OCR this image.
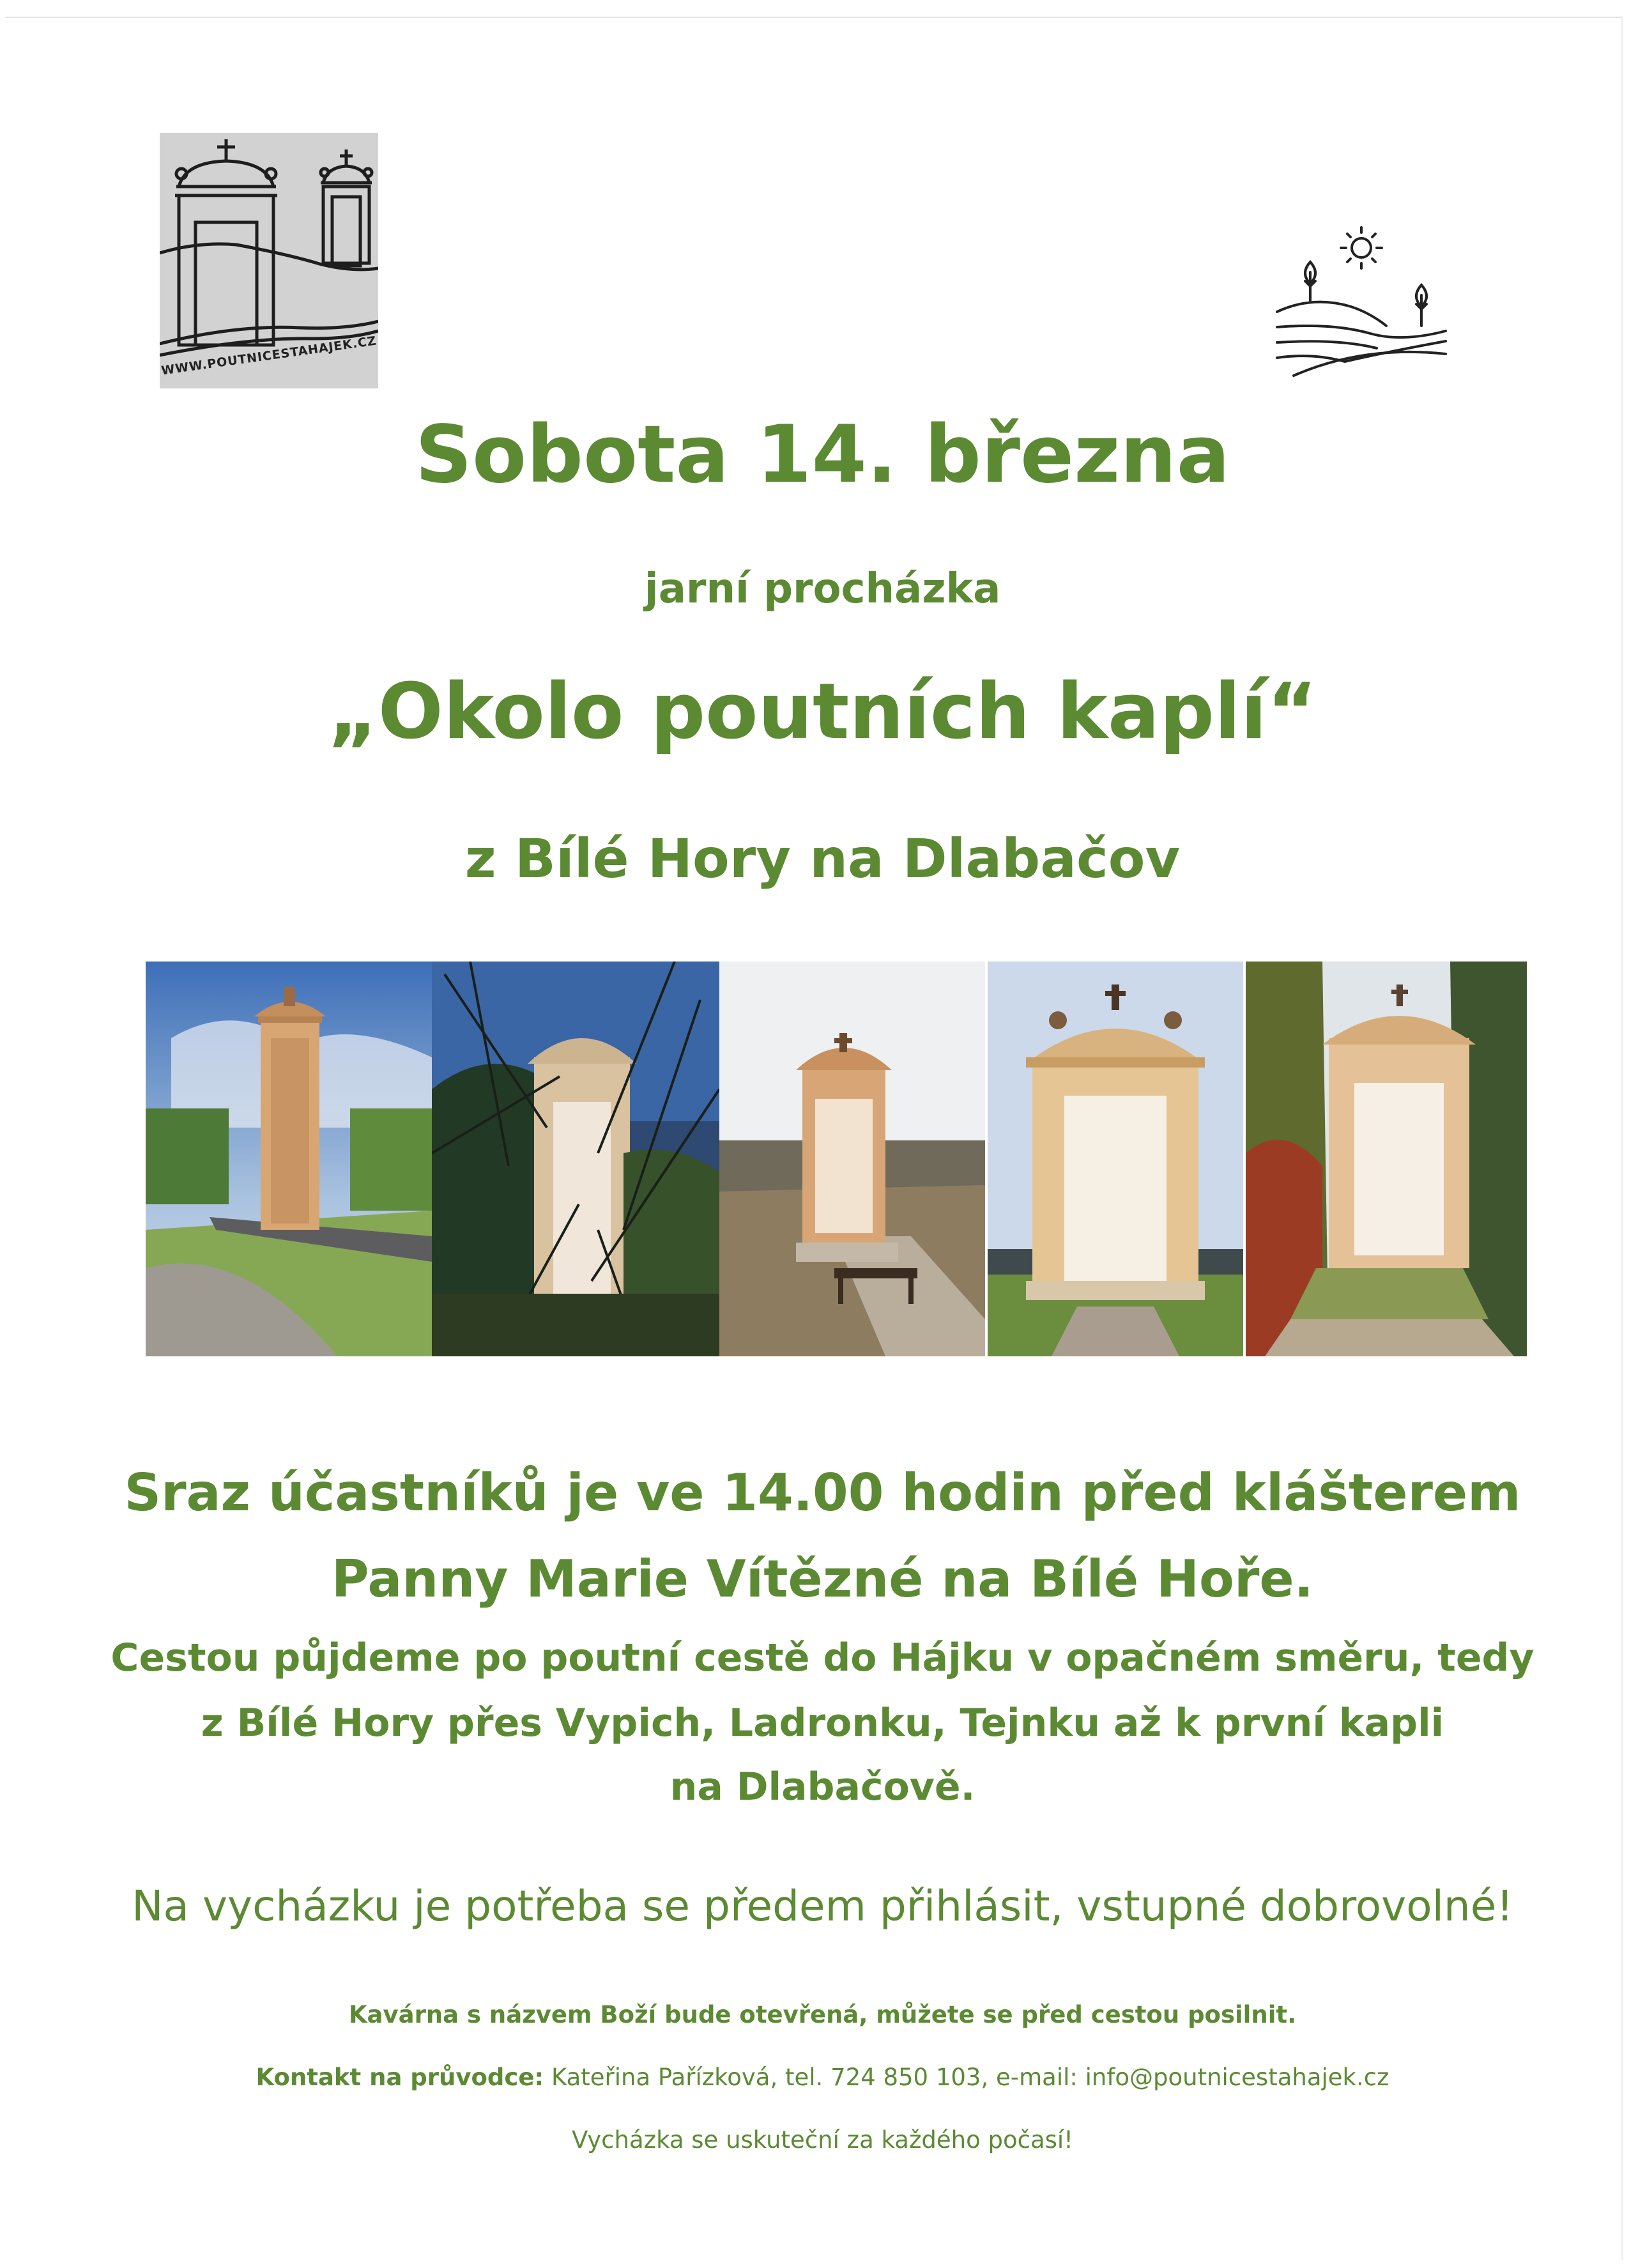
WWW.POUTNICESTAHAJEK.CZ
Sobota 14. března
jarní procházka
„Okolo poutních kaplí“
z Bílé Hory na Dlabačov
Sraz účastníků je ve 14.00 hodin před klášterem
Panny Marie Vítězné na Bílé Hoře.
Cestou půjdeme po poutní cestě do Hájku v opačném směru, tedy
z Bílé Hory přes Vypich, Ladronku, Tejnku až k první kapli
na Dlabačově.
Na vycházku je potřeba se předem přihlásit, vstupné dobrovolné!
Kavárna s názvem Boží bude otevřená, můžete se před cestou posilnit.
Kontakt na průvodce: Kateřina Pařízková, tel. 724 850 103, e-mail: info@poutnicestahajek.cz
Vycházka se uskuteční za každého počasí!
